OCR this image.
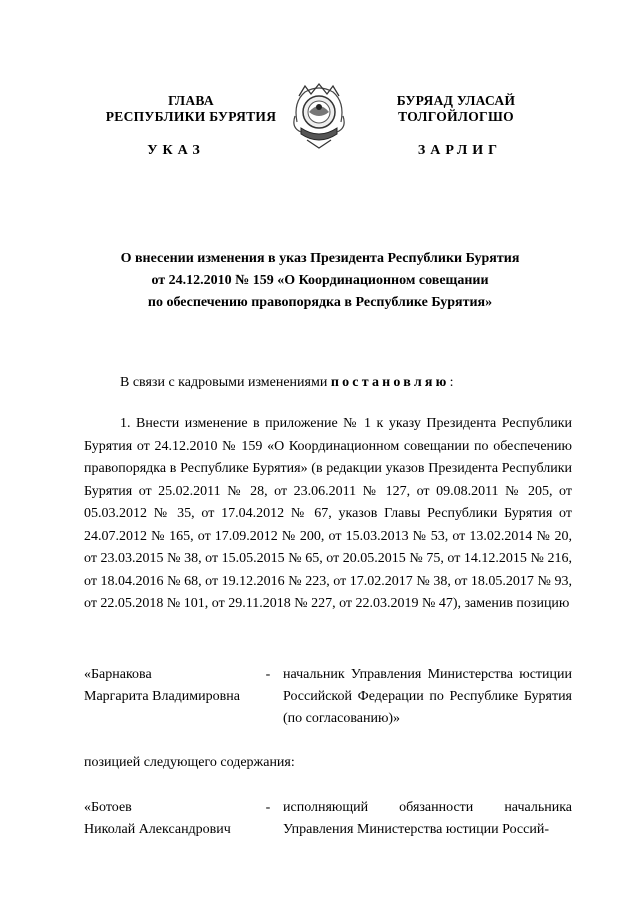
ГЛАВА
РЕСПУБЛИКИ БУРЯТИЯ
БУРЯАД УЛАСАЙ
ТОЛГОЙЛОГШО
УКАЗ	ЗАРЛИГ
О внесении изменения в указ Президента Республики Бурятия
от 24.12.2010 № 159 «О Координационном совещании
по обеспечению правопорядка в Республике Бурятия»
В связи с кадровыми изменениями постановляю:
1. Внести изменение в приложение № 1 к указу Президента Республики Бурятия от 24.12.2010 № 159 «О Координационном совещании по обеспечению правопорядка в Республике Бурятия» (в редакции указов Президента Республики Бурятия от 25.02.2011 № 28, от 23.06.2011 № 127, от 09.08.2011 № 205, от 05.03.2012 № 35, от 17.04.2012 № 67, указов Главы Республики Бурятия от 24.07.2012 № 165, от 17.09.2012 № 200, от 15.03.2013 № 53, от 13.02.2014 № 20, от 23.03.2015 № 38, от 15.05.2015 № 65, от 20.05.2015 № 75, от 14.12.2015 № 216, от 18.04.2016 № 68, от 19.12.2016 № 223, от 17.02.2017 № 38, от 18.05.2017 № 93, от 22.05.2018 № 101, от 29.11.2018 № 227, от 22.03.2019 № 47), заменив позицию
«Барнакова
Маргарита Владимировна
- начальник Управления Министерства юстиции Российской Федерации по Республике Бурятия (по согласованию)»
позицией следующего содержания:
«Ботоев
Николай Александрович
- исполняющий обязанности начальника
Управления Министерства юстиции Россий-
